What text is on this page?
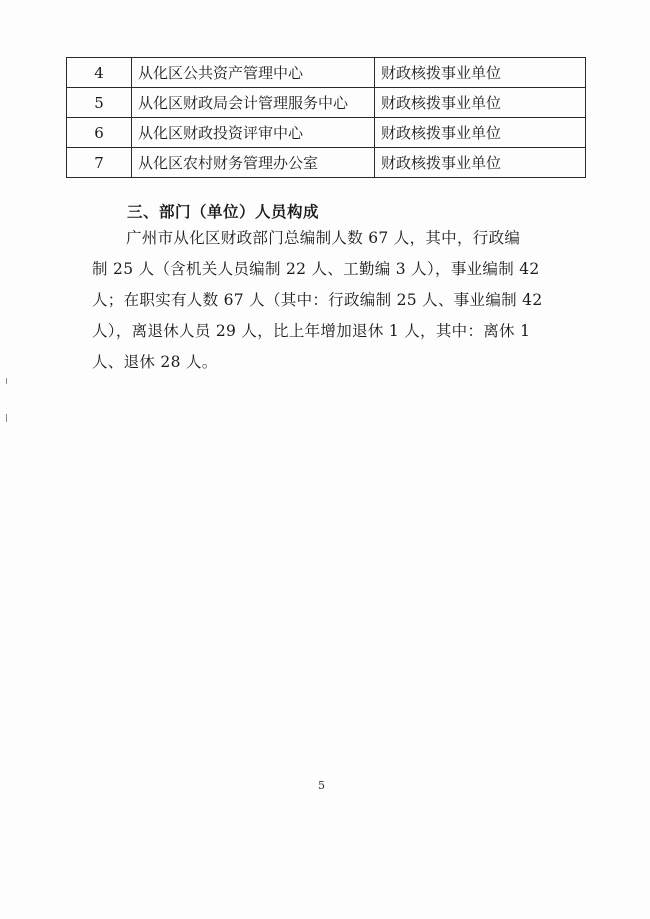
4	从化区公共资产管理中心	财政核拨事业单位
5	从化区财政局会计管理服务中心	财政核拨事业单位
6	从化区财政投资评审中心	财政核拨事业单位
7	从化区农村财务管理办公室	财政核拨事业单位
三、部门（单位）人员构成
广州市从化区财政部门总编制人数 67 人，其中，行政编
制 25 人（含机关人员编制 22 人、工勤编 3 人），事业编制 42
人；在职实有人数 67 人（其中：行政编制 25 人、事业编制 42
人），离退休人员 29 人，比上年增加退休 1 人，其中：离休 1
人、退休 28 人。
5
